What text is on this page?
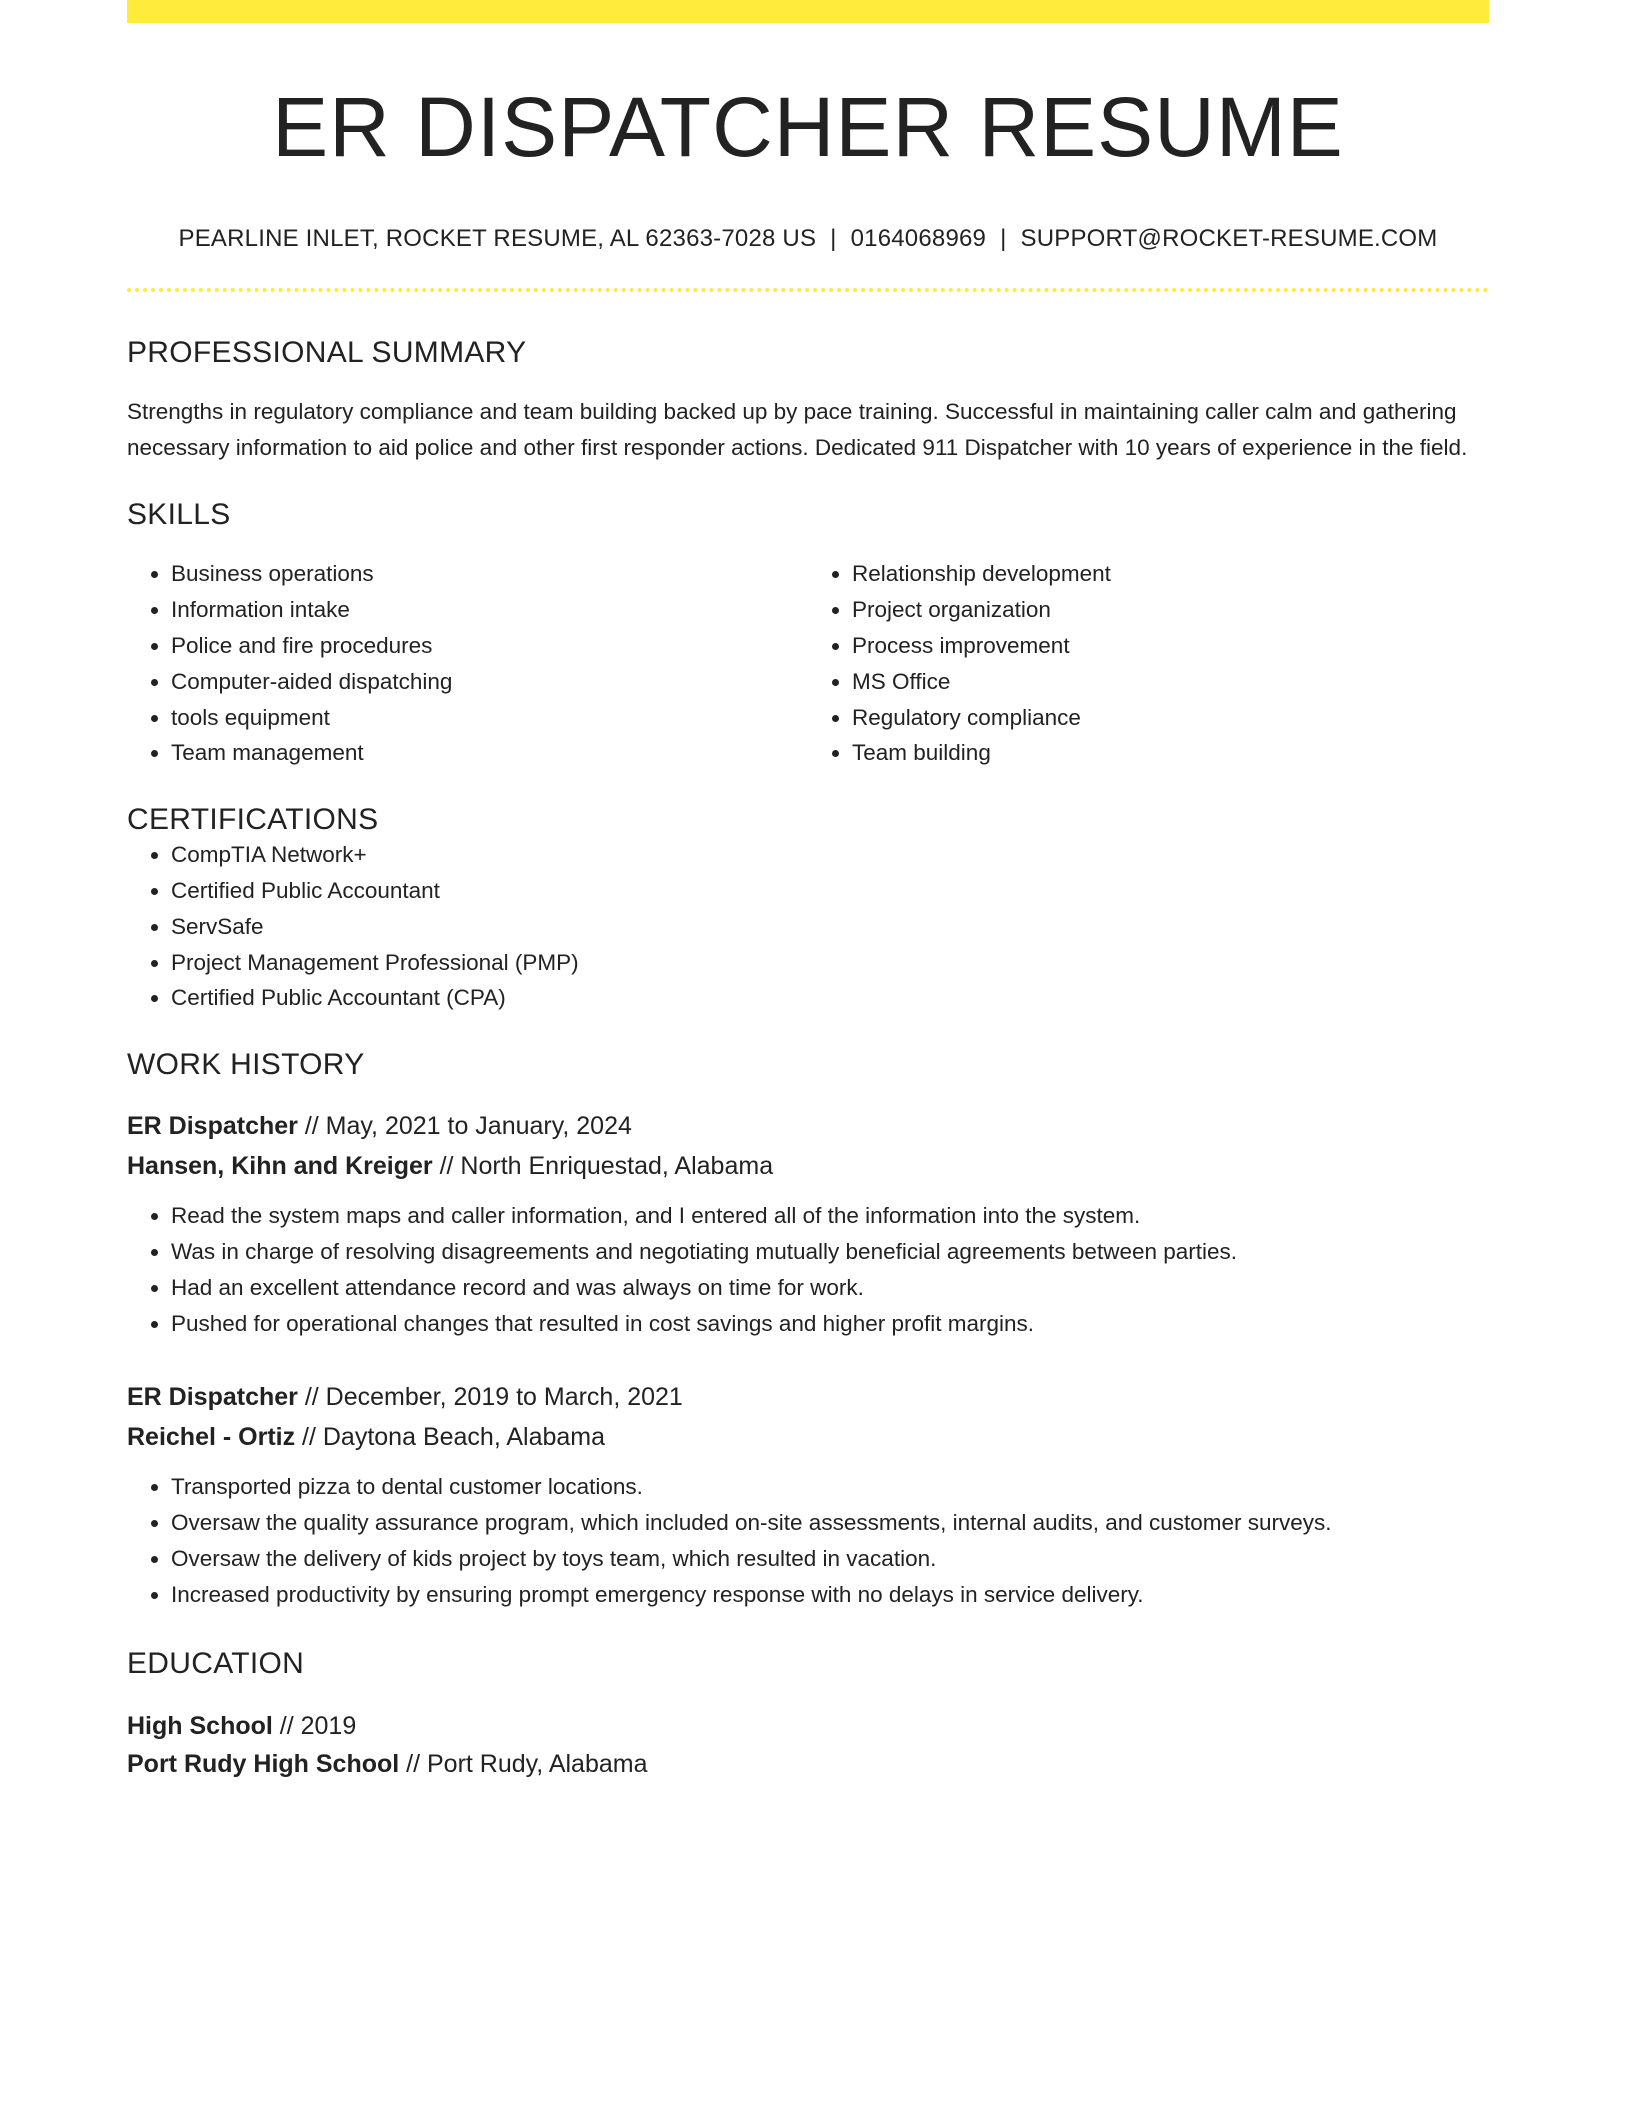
ER DISPATCHER RESUME
PEARLINE INLET, ROCKET RESUME, AL 62363-7028 US | 0164068969 | SUPPORT@ROCKET-RESUME.COM
PROFESSIONAL SUMMARY
Strengths in regulatory compliance and team building backed up by pace training. Successful in maintaining caller calm and gathering necessary information to aid police and other first responder actions. Dedicated 911 Dispatcher with 10 years of experience in the field.
SKILLS
• Business operations
• Information intake
• Police and fire procedures
• Computer-aided dispatching
• tools equipment
• Team management
• Relationship development
• Project organization
• Process improvement
• MS Office
• Regulatory compliance
• Team building
CERTIFICATIONS
• CompTIA Network+
• Certified Public Accountant
• ServSafe
• Project Management Professional (PMP)
• Certified Public Accountant (CPA)
WORK HISTORY
ER Dispatcher // May, 2021 to January, 2024
Hansen, Kihn and Kreiger // North Enriquestad, Alabama
• Read the system maps and caller information, and I entered all of the information into the system.
• Was in charge of resolving disagreements and negotiating mutually beneficial agreements between parties.
• Had an excellent attendance record and was always on time for work.
• Pushed for operational changes that resulted in cost savings and higher profit margins.
ER Dispatcher // December, 2019 to March, 2021
Reichel - Ortiz // Daytona Beach, Alabama
• Transported pizza to dental customer locations.
• Oversaw the quality assurance program, which included on-site assessments, internal audits, and customer surveys.
• Oversaw the delivery of kids project by toys team, which resulted in vacation.
• Increased productivity by ensuring prompt emergency response with no delays in service delivery.
EDUCATION
High School // 2019
Port Rudy High School // Port Rudy, Alabama
